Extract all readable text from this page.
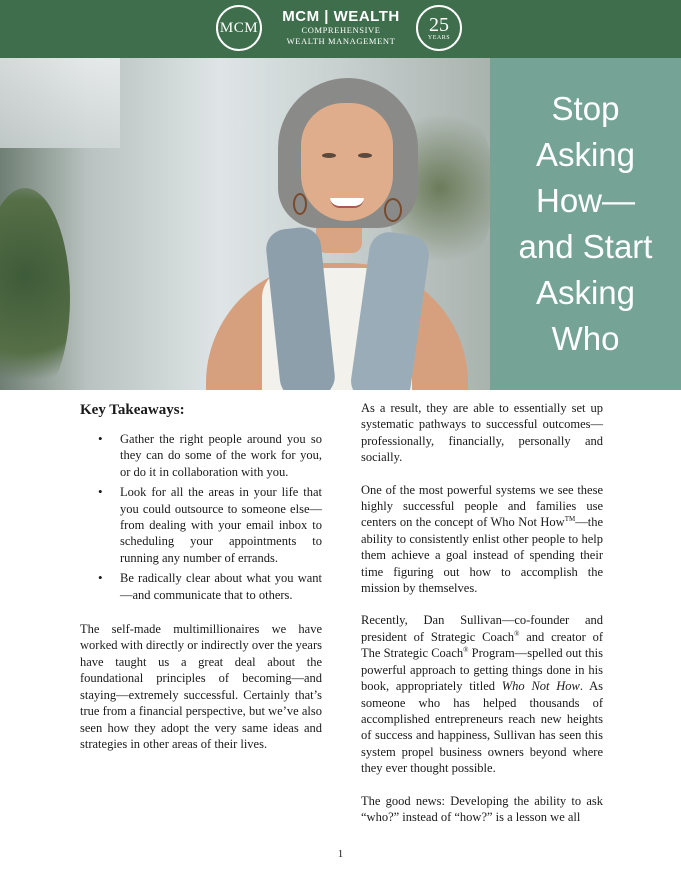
MCM
MCM | WEALTH
COMPREHENSIVE
WEALTH MANAGEMENT
25
YEARS
Stop
Asking
How—
and Start
Asking
Who
Key Takeaways:
• Gather the right people around you so they can do some of the work for you, or do it in collaboration with you.
• Look for all the areas in your life that you could outsource to someone else—from dealing with your email inbox to scheduling your appointments to running any number of errands.
• Be radically clear about what you want—and communicate that to others.

The self-made multimillionaires we have worked with directly or indirectly over the years have taught us a great deal about the foundational principles of becoming—and staying—extremely successful. Certainly that’s true from a financial perspective, but we’ve also seen how they adopt the very same ideas and strategies in other areas of their lives.

As a result, they are able to essentially set up systematic pathways to successful outcomes—professionally, financially, personally and socially.

One of the most powerful systems we see these highly successful people and families use centers on the concept of Who Not How™—the ability to consistently enlist other people to help them achieve a goal instead of spending their time figuring out how to accomplish the mission by themselves.

Recently, Dan Sullivan—co-founder and president of Strategic Coach® and creator of The Strategic Coach® Program—spelled out this powerful approach to getting things done in his book, appropriately titled Who Not How. As someone who has helped thousands of accomplished entrepreneurs reach new heights of success and happiness, Sullivan has seen this system propel business owners beyond where they ever thought possible.

The good news: Developing the ability to ask “who?” instead of “how?” is a lesson we all

1
